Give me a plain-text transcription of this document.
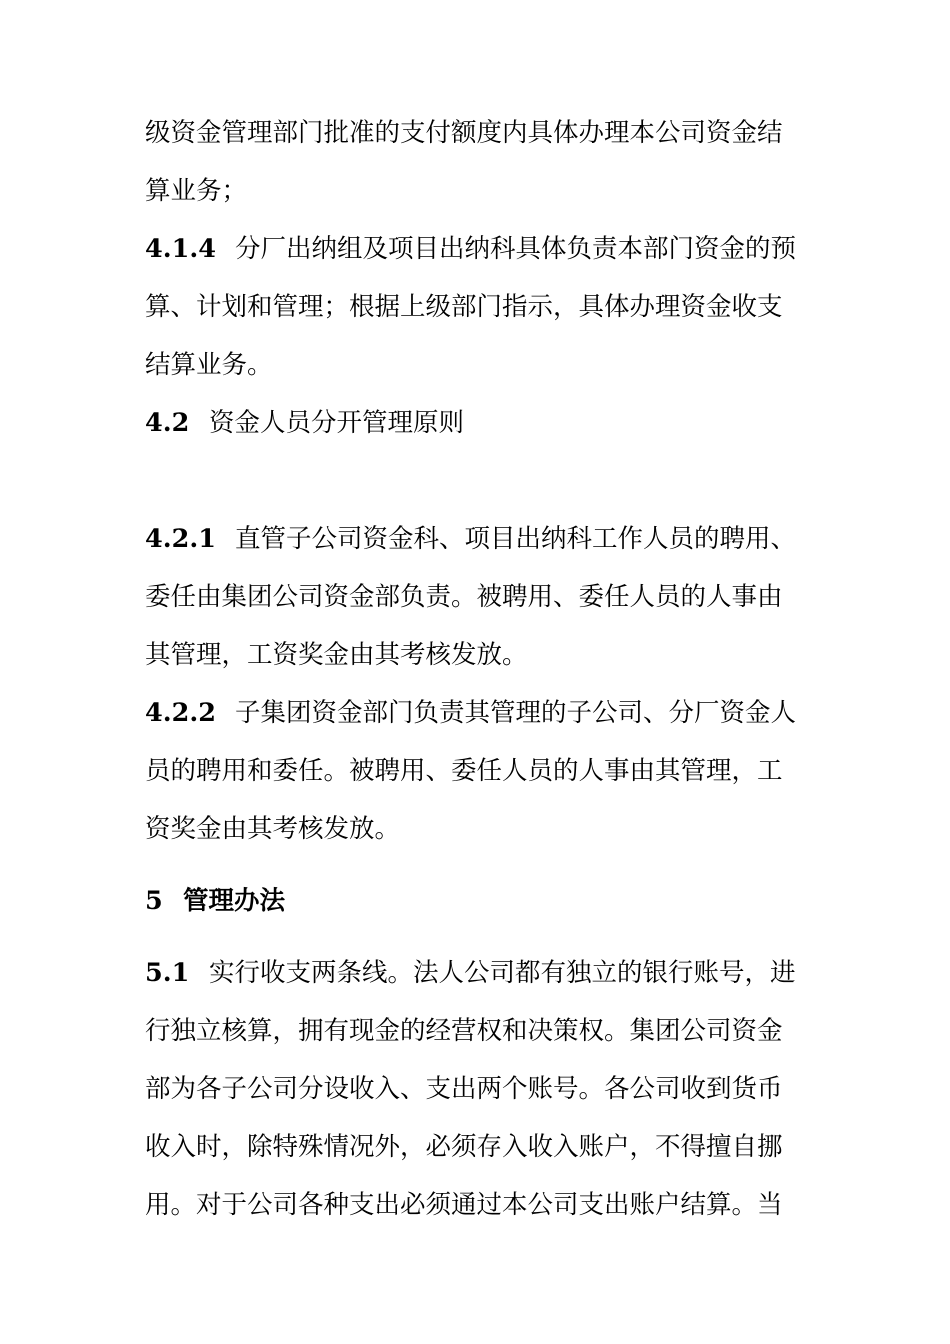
级资金管理部门批准的支付额度内具体办理本公司资金结
算业务；
4.1.4 分厂出纳组及项目出纳科具体负责本部门资金的预
算、计划和管理；根据上级部门指示，具体办理资金收支
结算业务。
4.2 资金人员分开管理原则
4.2.1 直管子公司资金科、项目出纳科工作人员的聘用、
委任由集团公司资金部负责。被聘用、委任人员的人事由
其管理，工资奖金由其考核发放。
4.2.2 子集团资金部门负责其管理的子公司、分厂资金人
员的聘用和委任。被聘用、委任人员的人事由其管理，工
资奖金由其考核发放。
5 管理办法
5.1 实行收支两条线。法人公司都有独立的银行账号，进
行独立核算，拥有现金的经营权和决策权。集团公司资金
部为各子公司分设收入、支出两个账号。各公司收到货币
收入时，除特殊情况外，必须存入收入账户，不得擅自挪
用。对于公司各种支出必须通过本公司支出账户结算。当
